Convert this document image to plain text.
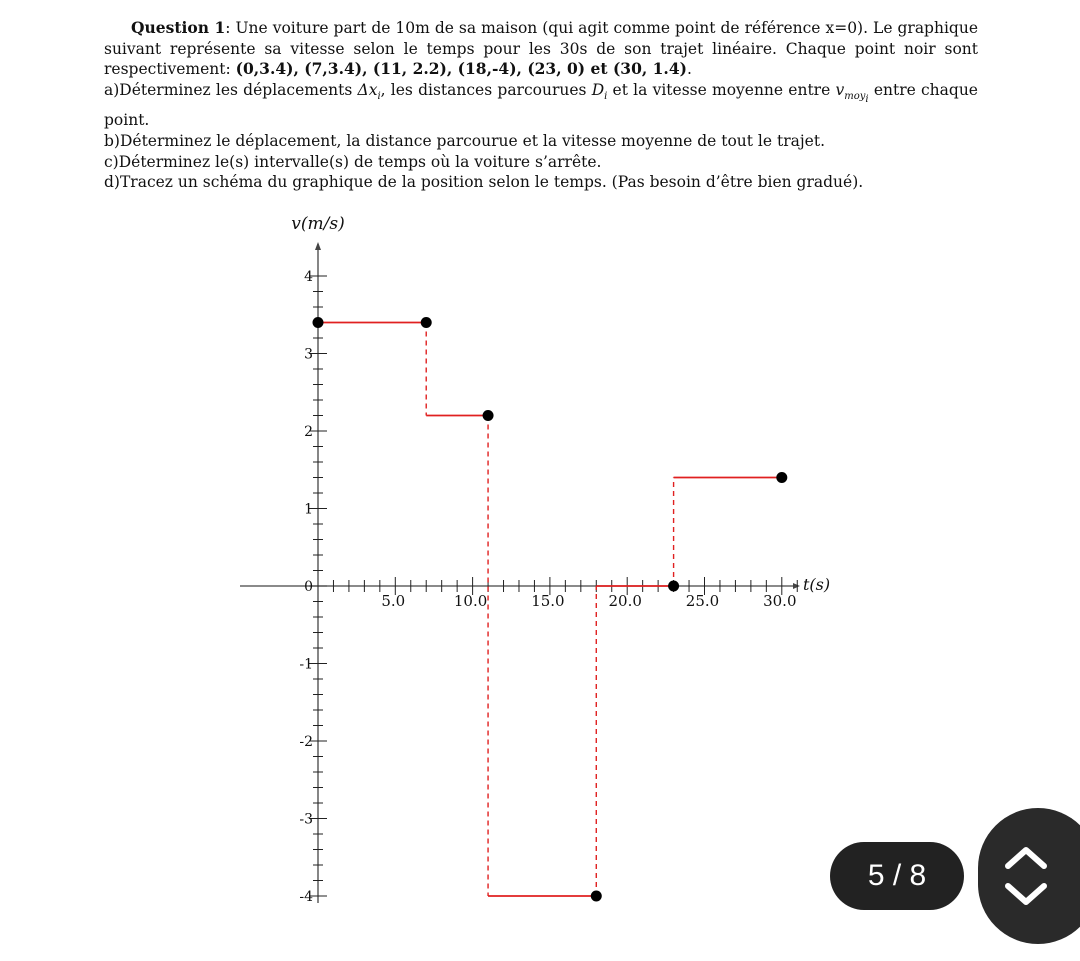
Question 1: Une voiture part de 10m de sa maison (qui agit comme point de référence x=0). Le graphique suivant représente sa vitesse selon le temps pour les 30s de son trajet linéaire. Chaque point noir sont respectivement: (0,3.4), (7,3.4), (11, 2.2), (18,-4), (23, 0) et (30, 1.4).

a)Déterminez les déplacements $\Delta x_i$, les distances parcourues $D_i$ et la vitesse moyenne entre $v_{moy_i}$ entre chaque point.

b)Déterminez le déplacement, la distance parcourue et la vitesse moyenne de tout le trajet.

c)Déterminez le(s) intervalle(s) de temps où la voiture s’arrête.

d)Tracez un schéma du graphique de la position selon le temps. (Pas besoin d’être bien gradué).

5.0	10.0	15.0	20.0	25.0	30.0
4
3
2
1
0
-1
-2
-3
-4
v(m/s)
t(s)
5 / 8
